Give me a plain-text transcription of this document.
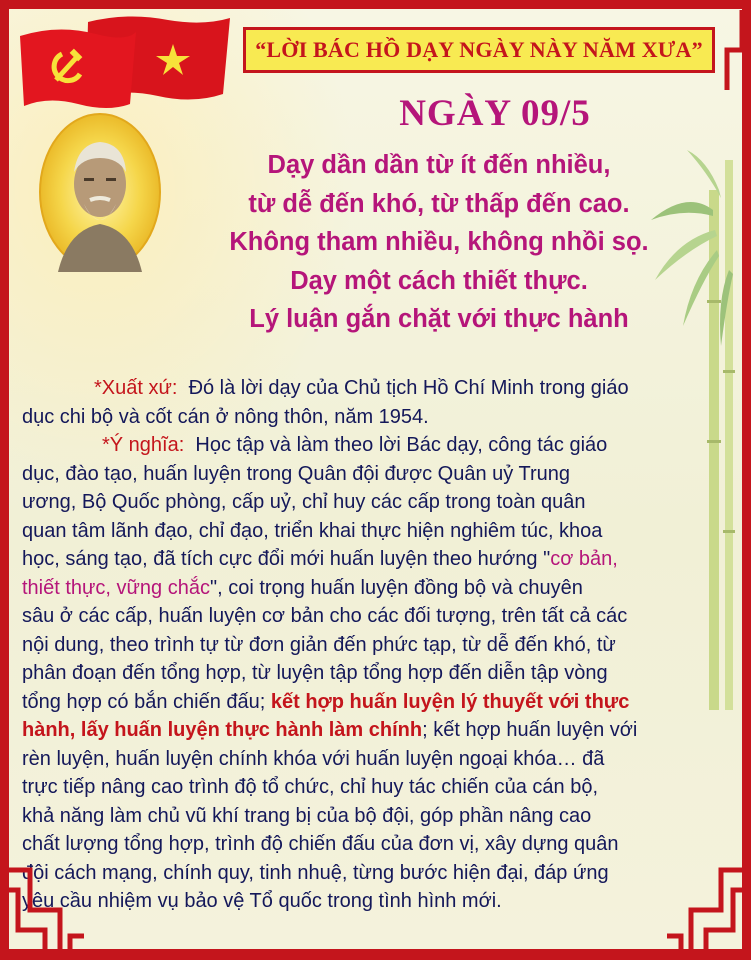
“LỜI BÁC HỒ DẠY NGÀY NÀY NĂM XƯA”
NGÀY 09/5
Dạy dần dần từ ít đến nhiều,
từ dễ đến khó, từ thấp đến cao.
Không tham nhiều, không nhồi sọ.
Dạy một cách thiết thực.
Lý luận gắn chặt với thực hành
*Xuất xứ: Đó là lời dạy của Chủ tịch Hồ Chí Minh trong giáo
dục chi bộ và cốt cán ở nông thôn, năm 1954.
*Ý nghĩa: Học tập và làm theo lời Bác dạy, công tác giáo
dục, đào tạo, huấn luyện trong Quân đội được Quân uỷ Trung
ương, Bộ Quốc phòng, cấp uỷ, chỉ huy các cấp trong toàn quân
quan tâm lãnh đạo, chỉ đạo, triển khai thực hiện nghiêm túc, khoa
học, sáng tạo, đã tích cực đổi mới huấn luyện theo hướng "cơ bản,
thiết thực, vững chắc", coi trọng huấn luyện đồng bộ và chuyên
sâu ở các cấp, huấn luyện cơ bản cho các đối tượng, trên tất cả các
nội dung, theo trình tự từ đơn giản đến phức tạp, từ dễ đến khó, từ
phân đoạn đến tổng hợp, từ luyện tập tổng hợp đến diễn tập vòng
tổng hợp có bắn chiến đấu; kết hợp huấn luyện lý thuyết với thực
hành, lấy huấn luyện thực hành làm chính; kết hợp huấn luyện với
rèn luyện, huấn luyện chính khóa với huấn luyện ngoại khóa… đã
trực tiếp nâng cao trình độ tổ chức, chỉ huy tác chiến của cán bộ,
khả năng làm chủ vũ khí trang bị của bộ đội, góp phần nâng cao
chất lượng tổng hợp, trình độ chiến đấu của đơn vị, xây dựng quân
đội cách mạng, chính quy, tinh nhuệ, từng bước hiện đại, đáp ứng
yêu cầu nhiệm vụ bảo vệ Tổ quốc trong tình hình mới.
